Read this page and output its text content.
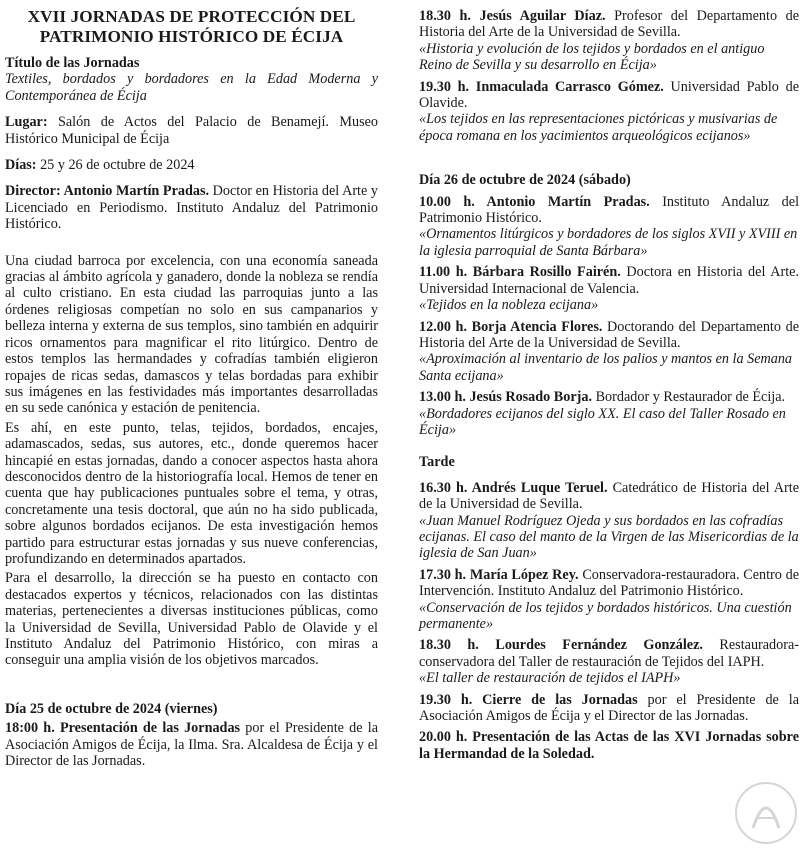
XVII JORNADAS DE PROTECCIÓN DEL PATRIMONIO HISTÓRICO DE ÉCIJA

Título de las Jornadas

Textiles, bordados y bordadores en la Edad Moderna y Contemporánea de Écija

Lugar: Salón de Actos del Palacio de Benamejí. Museo Histórico Municipal de Écija

Días: 25 y 26 de octubre de 2024

Director: Antonio Martín Pradas. Doctor en Historia del Arte y Licenciado en Periodismo. Instituto Andaluz del Patrimonio Histórico.

Una ciudad barroca por excelencia, con una economía saneada gracias al ámbito agrícola y ganadero, donde la nobleza se rendía al culto cristiano. En esta ciudad las parroquias junto a las órdenes religiosas competían no solo en sus campanarios y belleza interna y externa de sus templos, sino también en adquirir ricos ornamentos para magnificar el rito litúrgico. Dentro de estos templos las hermandades y cofradías también eligieron ropajes de ricas sedas, damascos y telas bordadas para exhibir sus imágenes en las festividades más importantes desarrolladas en su sede canónica y estación de penitencia.

Es ahí, en este punto, telas, tejidos, bordados, encajes, adamascados, sedas, sus autores, etc., donde queremos hacer hincapié en estas jornadas, dando a conocer aspectos hasta ahora desconocidos dentro de la historiografía local. Hemos de tener en cuenta que hay publicaciones puntuales sobre el tema, y otras, concretamente una tesis doctoral, que aún no ha sido publicada, sobre algunos bordados ecijanos. De esta investigación hemos partido para estructurar estas jornadas y sus nueve conferencias, profundizando en determinados apartados.

Para el desarrollo, la dirección se ha puesto en contacto con destacados expertos y técnicos, relacionados con las distintas materias, pertenecientes a diversas instituciones públicas, como la Universidad de Sevilla, Universidad Pablo de Olavide y el Instituto Andaluz del Patrimonio Histórico, con miras a conseguir una amplia visión de los objetivos marcados.

Día 25 de octubre de 2024 (viernes)

18:00 h. Presentación de las Jornadas por el Presidente de la Asociación Amigos de Écija, la Ilma. Sra. Alcaldesa de Écija y el Director de las Jornadas.

18.30 h. Jesús Aguilar Díaz. Profesor del Departamento de Historia del Arte de la Universidad de Sevilla.

«Historia y evolución de los tejidos y bordados en el antiguo Reino de Sevilla y su desarrollo en Écija»

19.30 h. Inmaculada Carrasco Gómez. Universidad Pablo de Olavide.

«Los tejidos en las representaciones pictóricas y musivarias de época romana en los yacimientos arqueológicos ecijanos»

Día 26 de octubre de 2024 (sábado)

10.00 h. Antonio Martín Pradas. Instituto Andaluz del Patrimonio Histórico.

«Ornamentos litúrgicos y bordadores de los siglos XVII y XVIII en la iglesia parroquial de Santa Bárbara»

11.00 h. Bárbara Rosillo Fairén. Doctora en Historia del Arte. Universidad Internacional de Valencia.

«Tejidos en la nobleza ecijana»

12.00 h. Borja Atencia Flores. Doctorando del Departamento de Historia del Arte de la Universidad de Sevilla.

«Aproximación al inventario de los palios y mantos en la Semana Santa ecijana»

13.00 h. Jesús Rosado Borja. Bordador y Restaurador de Écija.

«Bordadores ecijanos del siglo XX. El caso del Taller Rosado en Écija»

Tarde

16.30 h. Andrés Luque Teruel. Catedrático de Historia del Arte de la Universidad de Sevilla.

«Juan Manuel Rodríguez Ojeda y sus bordados en las cofradías ecijanas. El caso del manto de la Virgen de las Misericordias de la iglesia de San Juan»

17.30 h. María López Rey. Conservadora-restauradora. Centro de Intervención. Instituto Andaluz del Patrimonio Histórico.

«Conservación de los tejidos y bordados históricos. Una cuestión permanente»

18.30 h. Lourdes Fernández González. Restauradora-conservadora del Taller de restauración de Tejidos del IAPH.

«El taller de restauración de tejidos el IAPH»

19.30 h. Cierre de las Jornadas por el Presidente de la Asociación Amigos de Écija y el Director de las Jornadas.

20.00 h. Presentación de las Actas de las XVI Jornadas sobre la Hermandad de la Soledad.
